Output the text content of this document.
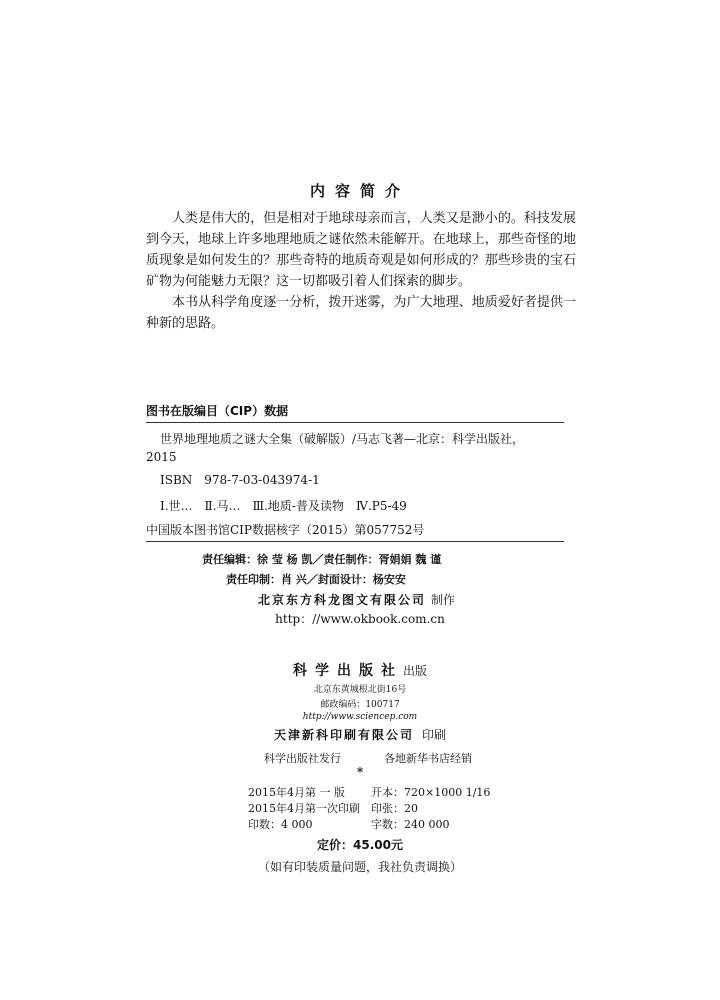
内容简介

人类是伟大的，但是相对于地球母亲而言，人类又是渺小的。科技发展到今天，地球上许多地理地质之谜依然未能解开。在地球上，那些奇怪的地质现象是如何发生的？那些奇特的地质奇观是如何形成的？那些珍贵的宝石矿物为何能魅力无限？这一切都吸引着人们探索的脚步。

本书从科学角度逐一分析，拨开迷雾，为广大地理、地质爱好者提供一种新的思路。

图书在版编目（CIP）数据
世界地理地质之谜大全集（破解版）/马志飞著—北京：科学出版社，
2015
ISBN 978-7-03-043974-1
Ⅰ.世…　Ⅱ.马…　Ⅲ.地质-普及读物　Ⅳ.P5-49
中国版本图书馆CIP数据核字（2015）第057752号
责任编辑：徐 莹 杨 凯／责任制作：胥娟娟 魏 谨
责任印制：肖 兴／封面设计：杨安安
北京东方科龙图文有限公司 制作
http：//www.okbook.com.cn
科学出版社出版
北京东黄城根北街16号
邮政编码：100717
http://www.sciencep.com
天津新科印刷有限公司 印刷
科学出版社发行	各地新华书店经销
*
2015年4月第 一 版 开本：720×1000 1/16
2015年4月第一次印刷 印张：20
印数：4 000	字数：240 000
定价：45.00元
（如有印装质量问题，我社负责调换）
